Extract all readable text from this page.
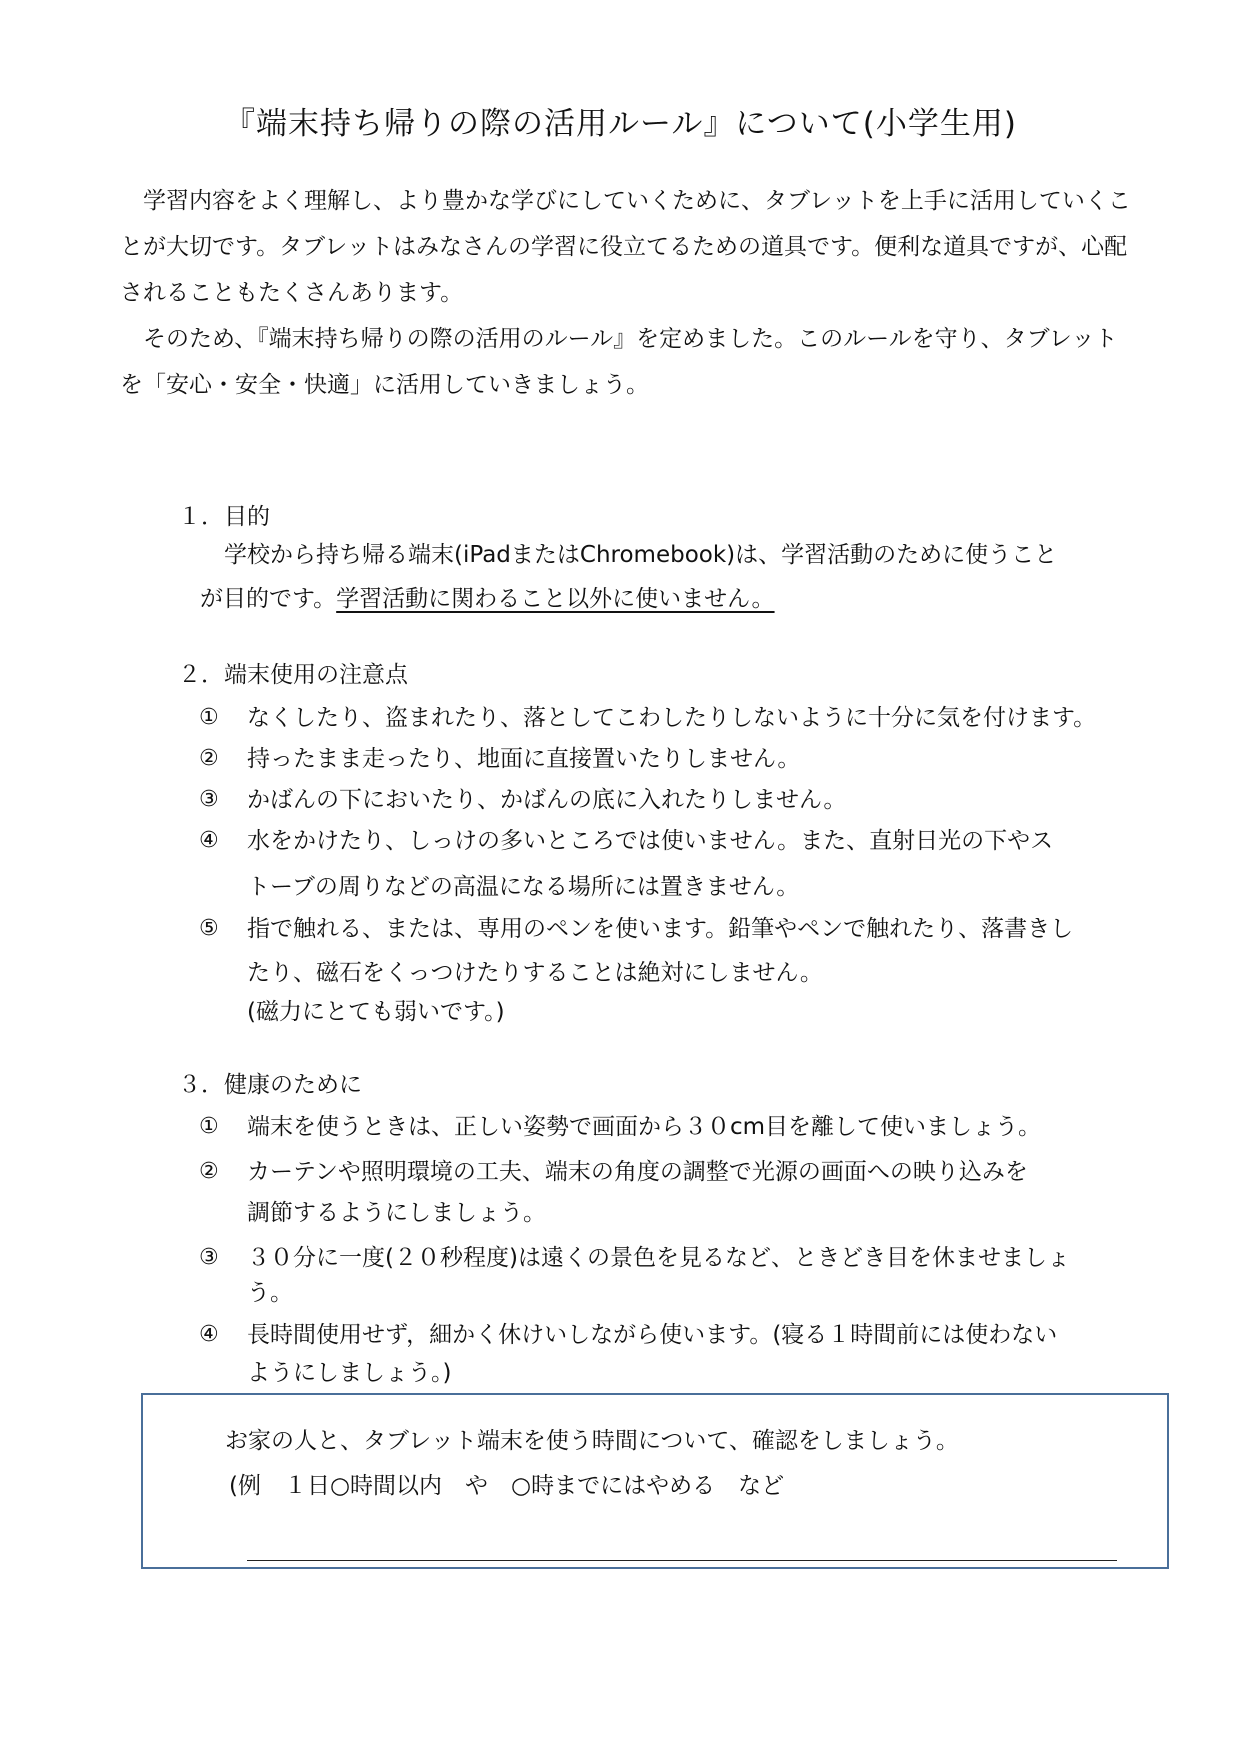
『端末持ち帰りの際の活用ルール』について(小学生用)

学習内容をよく理解し、より豊かな学びにしていくために、タブレットを上手に活用していくことが大切です。タブレットはみなさんの学習に役立てるための道具です。便利な道具ですが、心配されることもたくさんあります。

そのため、『端末持ち帰りの際の活用のルール』を定めました。このルールを守り、タブレットを「安心・安全・快適」に活用していきましょう。

１．目的
学校から持ち帰る端末(iPadまたはChromebook)は、学習活動のために使うこと
が目的です。学習活動に関わること以外に使いません。
２．端末使用の注意点
① なくしたり、盗まれたり、落としてこわしたりしないように十分に気を付けます。
② 持ったまま走ったり、地面に直接置いたりしません。
③ かばんの下においたり、かばんの底に入れたりしません。
④ 水をかけたり、しっけの多いところでは使いません。また、直射日光の下やス
トーブの周りなどの高温になる場所には置きません。
⑤ 指で触れる、または、専用のペンを使います。鉛筆やペンで触れたり、落書きし
たり、磁石をくっつけたりすることは絶対にしません。
(磁力にとても弱いです。)
３．健康のために
① 端末を使うときは、正しい姿勢で画面から３０cm目を離して使いましょう。
② カーテンや照明環境の工夫、端末の角度の調整で光源の画面への映り込みを
調節するようにしましょう。
③ ３０分に一度(２０秒程度)は遠くの景色を見るなど、ときどき目を休ませましょ
う。
④ 長時間使用せず，細かく休けいしながら使います。(寝る１時間前には使わない
ようにしましょう。)
お家の人と、タブレット端末を使う時間について、確認をしましょう。
(例　１日○時間以内　や　○時までにはやめる　など
